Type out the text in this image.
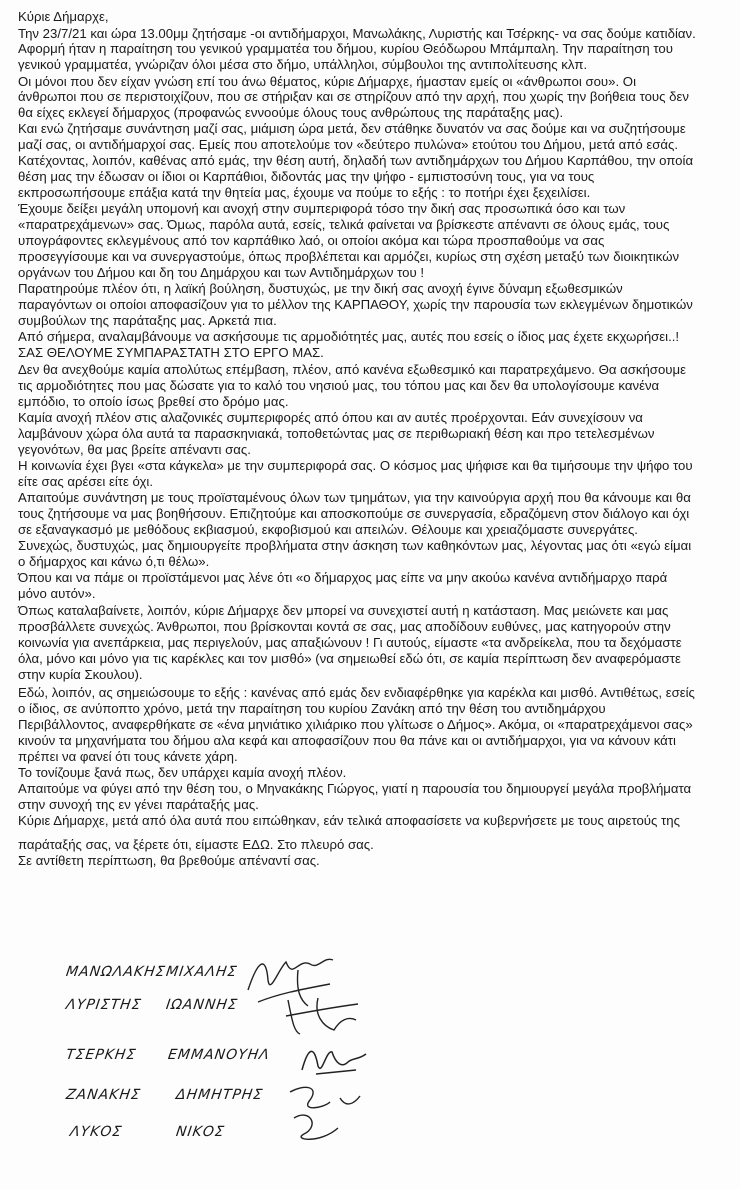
Κύριε Δήμαρχε,
Την 23/7/21 και ώρα 13.00μμ ζητήσαμε -οι αντιδήμαρχοι, Μανωλάκης, Λυριστής και Τσέρκης- να σας δούμε κατιδίαν.
Αφορμή ήταν η παραίτηση του γενικού γραμματέα του δήμου, κυρίου Θεόδωρου Μπάμπαλη. Την παραίτηση του
γενικού γραμματέα, γνώριζαν όλοι μέσα στο δήμο, υπάλληλοι, σύμβουλοι της αντιπολίτευσης κλπ.
Οι μόνοι που δεν είχαν γνώση επί του άνω θέματος, κύριε Δήμαρχε, ήμασταν εμείς οι «άνθρωποι σου». Οι
άνθρωποι που σε περιστοιχίζουν, που σε στήριξαν και σε στηρίζουν από την αρχή, που χωρίς την βοήθεια τους δεν
θα είχες εκλεγεί δήμαρχος (προφανώς εννοούμε όλους τους ανθρώπους της παράταξης μας).
Και ενώ ζητήσαμε συνάντηση μαζί σας, μιάμιση ώρα μετά, δεν στάθηκε δυνατόν να σας δούμε και να συζητήσουμε
μαζί σας, οι αντιδήμαρχοί σας. Εμείς που αποτελούμε τον «δεύτερο πυλώνα» ετούτου του Δήμου, μετά από εσάς.
Κατέχοντας, λοιπόν, καθένας από εμάς, την θέση αυτή, δηλαδή των αντιδημάρχων του Δήμου Καρπάθου, την οποία
θέση μας την έδωσαν οι ίδιοι οι Καρπάθιοι, διδοντάς μας την ψήφο - εμπιστοσύνη τους, για να τους
εκπροσωπήσουμε επάξια κατά την θητεία μας, έχουμε να πούμε το εξής : το ποτήρι έχει ξεχειλίσει.
Έχουμε δείξει μεγάλη υπομονή και ανοχή στην συμπεριφορά τόσο την δική σας προσωπικά όσο και των
«παρατρεχάμενων» σας. Όμως, παρόλα αυτά, εσείς, τελικά φαίνεται να βρίσκεστε απέναντι σε όλους εμάς, τους
υπογράφοντες εκλεγμένους από τον καρπάθικο λαό, οι οποίοι ακόμα και τώρα προσπαθούμε να σας
προσεγγίσουμε και να συνεργαστούμε, όπως προβλέπεται και αρμόζει, κυρίως στη σχέση μεταξύ των διοικητικών
οργάνων του Δήμου και δη του Δημάρχου και των Αντιδημάρχων του !
Παρατηρούμε πλέον ότι, η λαϊκή βούληση, δυστυχώς, με την δική σας ανοχή έγινε δύναμη εξωθεσμικών
παραγόντων οι οποίοι αποφασίζουν για το μέλλον της ΚΑΡΠΑΘΟΥ, χωρίς την παρουσία των εκλεγμένων δημοτικών
συμβούλων της παράταξης μας. Αρκετά πια.
Από σήμερα, αναλαμβάνουμε να ασκήσουμε τις αρμοδιότητές μας, αυτές που εσείς ο ίδιος μας έχετε εκχωρήσει..!
ΣΑΣ ΘΕΛΟΥΜΕ ΣΥΜΠΑΡΑΣΤΑΤΗ ΣΤΟ ΕΡΓΟ ΜΑΣ.
Δεν θα ανεχθούμε καμία απολύτως επέμβαση, πλέον, από κανένα εξωθεσμικό και παρατρεχάμενο. Θα ασκήσουμε
τις αρμοδιότητες που μας δώσατε για το καλό του νησιού μας, του τόπου μας και δεν θα υπολογίσουμε κανένα
εμπόδιο, το οποίο ίσως βρεθεί στο δρόμο μας.
Καμία ανοχή πλέον στις αλαζονικές συμπεριφορές από όπου και αν αυτές προέρχονται. Εάν συνεχίσουν να
λαμβάνουν χώρα όλα αυτά τα παρασκηνιακά, τοποθετώντας μας σε περιθωριακή θέση και προ τετελεσμένων
γεγονότων, θα μας βρείτε απέναντι σας.
Η κοινωνία έχει βγει «στα κάγκελα» με την συμπεριφορά σας. Ο κόσμος μας ψήφισε και θα τιμήσουμε την ψήφο του
είτε σας αρέσει είτε όχι.
Απαιτούμε συνάντηση με τους προϊσταμένους όλων των τμημάτων, για την καινούργια αρχή που θα κάνουμε και θα
τους ζητήσουμε να μας βοηθήσουν. Επιζητούμε και αποσκοπούμε σε συνεργασία, εδραζόμενη στον διάλογο και όχι
σε εξαναγκασμό με μεθόδους εκβιασμού, εκφοβισμού και απειλών. Θέλουμε και χρειαζόμαστε συνεργάτες.
Συνεχώς, δυστυχώς, μας δημιουργείτε προβλήματα στην άσκηση των καθηκόντων μας, λέγοντας μας ότι «εγώ είμαι
ο δήμαρχος και κάνω ό,τι θέλω».
Όπου και να πάμε οι προϊστάμενοι μας λένε ότι «ο δήμαρχος μας είπε να μην ακούω κανένα αντιδήμαρχο παρά
μόνο αυτόν».
Όπως καταλαβαίνετε, λοιπόν, κύριε Δήμαρχε δεν μπορεί να συνεχιστεί αυτή η κατάσταση. Μας μειώνετε και μας
προσβάλλετε συνεχώς. Άνθρωποι, που βρίσκονται κοντά σε σας, μας αποδίδουν ευθύνες, μας κατηγορούν στην
κοινωνία για ανεπάρκεια, μας περιγελούν, μας απαξιώνουν ! Γι αυτούς, είμαστε «τα ανδρείκελα, που τα δεχόμαστε
όλα, μόνο και μόνο για τις καρέκλες και τον μισθό» (να σημειωθεί εδώ ότι, σε καμία περίπτωση δεν αναφερόμαστε
στην κυρία Σκουλου).
Εδώ, λοιπόν, ας σημειώσουμε το εξής : κανένας από εμάς δεν ενδιαφέρθηκε για καρέκλα και μισθό. Αντιθέτως, εσείς
ο ίδιος, σε ανύποπτο χρόνο, μετά την παραίτηση του κυρίου Ζανάκη από την θέση του αντιδημάρχου
Περιβάλλοντος, αναφερθήκατε σε «ένα μηνιάτικο χιλιάρικο που γλίτωσε ο Δήμος». Ακόμα, οι «παρατρεχάμενοι σας»
κινούν τα μηχανήματα του δήμου αλα κεφά και αποφασίζουν που θα πάνε και οι αντιδήμαρχοι, για να κάνουν κάτι
πρέπει να φανεί ότι τους κάνετε χάρη.
Το τονίζουμε ξανά πως, δεν υπάρχει καμία ανοχή πλέον.
Απαιτούμε να φύγει από την θέση του, ο Μηνακάκης Γιώργος, γιατί η παρουσία του δημιουργεί μεγάλα προβλήματα
στην συνοχή της εν γένει παράταξής μας.
Κύριε Δήμαρχε, μετά από όλα αυτά που ειπώθηκαν, εάν τελικά αποφασίσετε να κυβερνήσετε με τους αιρετούς της
παράταξής σας, να ξέρετε ότι, είμαστε ΕΔΩ. Στο πλευρό σας.
Σε αντίθετη περίπτωση, θα βρεθούμε απέναντί σας.
ΜΑΝΩΛΑΚΗΣ
ΜΙΧΑΛΗΣ
ΛΥΡΙΣΤΗΣ ΙΩΑΝΝΗΣ
ΤΣΕΡΚΗΣ ΕΜΜΑΝΟΥΗΛ
ΖΑΝΑΚΗΣ ΔΗΜΗΤΡΗΣ
ΛΥΚΟΣ	ΝΙΚΟΣ
